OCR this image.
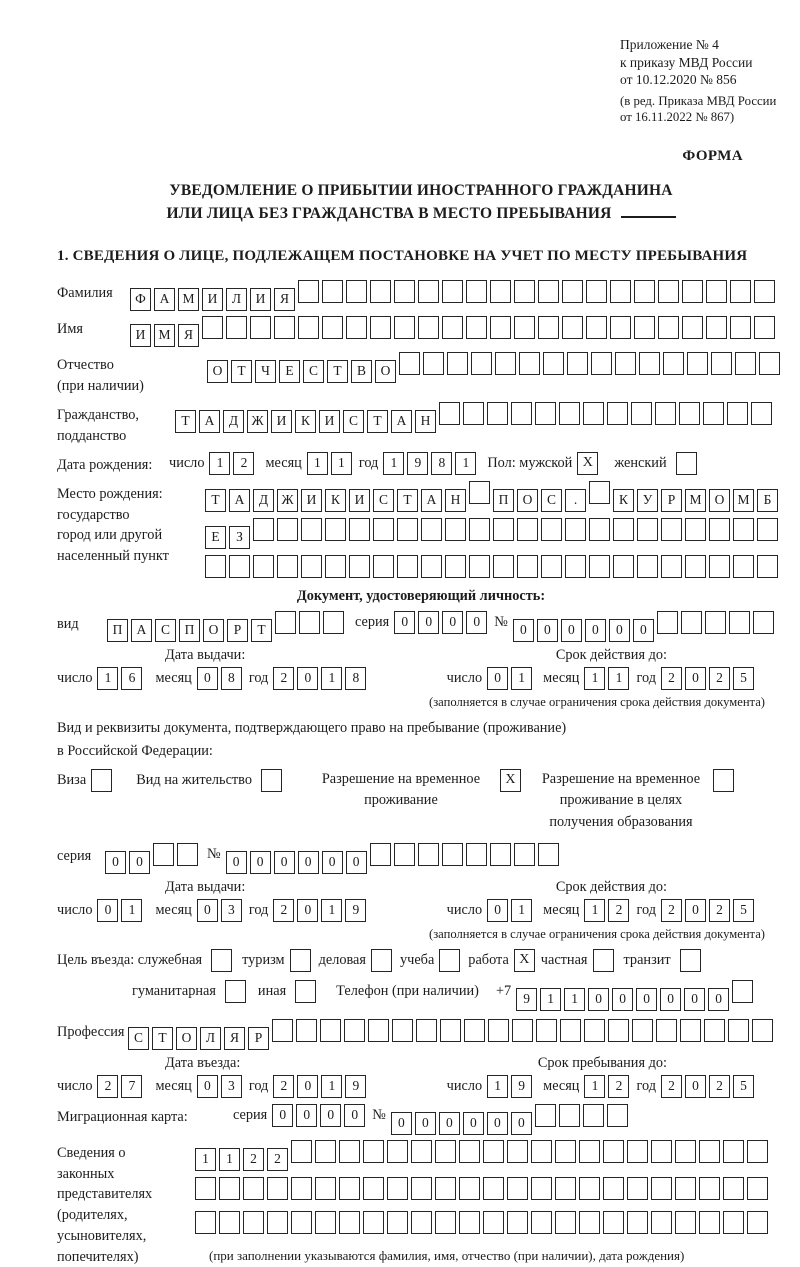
Приложение № 4
к приказу МВД России
от 10.12.2020 № 856
(в ред. Приказа МВД России
от 16.11.2022 № 867)
ФОРМА
УВЕДОМЛЕНИЕ О ПРИБЫТИИ ИНОСТРАННОГО ГРАЖДАНИНА
ИЛИ ЛИЦА БЕЗ ГРАЖДАНСТВА В МЕСТО ПРЕБЫВАНИЯ
1. СВЕДЕНИЯ О ЛИЦЕ, ПОДЛЕЖАЩЕМ ПОСТАНОВКЕ НА УЧЕТ ПО МЕСТУ ПРЕБЫВАНИЯ
Фамилия	Ф А М И Л И Я
Имя	И М Я
Отчество
(при наличии)
О Т Ч Е С Т В О
Гражданство,
подданство
Т А Д Ж И К И С Т А Н
Дата рождения:	число 1 2	месяц 1 1 год 1 9 8 1	Пол: мужской X	женский
Место рождения:
государство
город или другой
населенный пункт
Т А Д Ж И К И С Т А Н	П О С .	К У Р М О М Б
Е З
Документ, удостоверяющий личность:
вид	П А С П О Р Т	серия 0 0 0 0 № 0 0 0 0 0 0
Дата выдачи:	Срок действия до:
число 1 6	месяц 0 8 год 2 0 1 8	число 0 1	месяц 1 1 год 2 0 2 5
(заполняется в случае ограничения срока действия документа)
Вид и реквизиты документа, подтверждающего право на пребывание (проживание)
в Российской Федерации:
Виза	Вид на жительство	Разрешение на временное
проживание
X	Разрешение на временное
проживание в целях
получения образования
серия	0 0	№ 0 0 0 0 0 0
Дата выдачи:	Срок действия до:
число 0 1	месяц 0 3 год 2 0 1 9	число 0 1	месяц 1 2 год 2 0 2 5
(заполняется в случае ограничения срока действия документа)
Цель въезда: служебная	туризм деловая учеба работа X частная	транзит
гуманитарная	иная	Телефон (при наличии) +7 9 1 1 0 0 0 0 0 0
Профессия С Т О Л Я Р
Дата въезда:	Срок пребывания до:
число 2 7	месяц 0 3 год 2 0 1 9	число 1 9	месяц 1 2 год 2 0 2 5
Миграционная карта:	серия 0 0 0 0 № 0 0 0 0 0 0
Сведения о
законных
представителях
(родителях,
усыновителях,
попечителях)
1 1 2 2
(при заполнении указываются фамилия, имя, отчество (при наличии), дата рождения)
